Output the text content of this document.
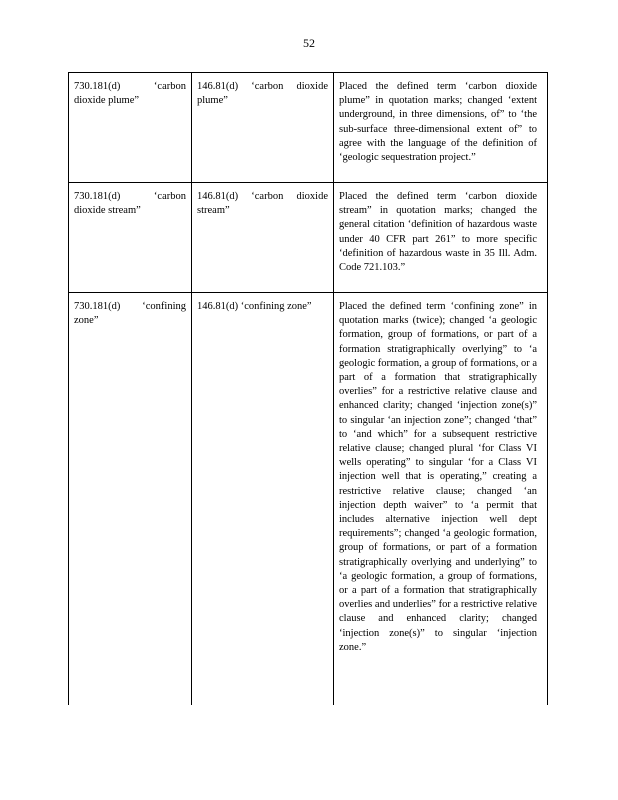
52
730.181(d) ‘carbon dioxide plume”	146.81(d) ‘carbon dioxide plume”	Placed the defined term ‘carbon dioxide plume” in quotation marks; changed ‘extent underground, in three dimensions, of” to ‘the sub-surface three-dimensional extent of” to agree with the language of the definition of ‘geologic sequestration project.”
730.181(d) ‘carbon dioxide stream”	146.81(d) ‘carbon dioxide stream”	Placed the defined term ‘carbon dioxide stream” in quotation marks; changed the general citation ‘definition of hazardous waste under 40 CFR part 261” to more specific ‘definition of hazardous waste in 35 Ill. Adm. Code 721.103.”
730.181(d) ‘confining zone”	146.81(d) ‘confining zone”	Placed the defined term ‘confining zone” in quotation marks (twice); changed ‘a geologic formation, group of formations, or part of a formation stratigraphically overlying” to ‘a geologic formation, a group of formations, or a part of a formation that stratigraphically overlies” for a restrictive relative clause and enhanced clarity; changed ‘injection zone(s)” to singular ‘an injection zone”; changed ‘that” to ‘and which” for a subsequent restrictive relative clause; changed plural ‘for Class VI wells operating” to singular ‘for a Class VI injection well that is operating,” creating a restrictive relative clause; changed ‘an injection depth waiver” to ‘a permit that includes alternative injection well dept requirements”; changed ‘a geologic formation, group of formations, or part of a formation stratigraphically overlying and underlying” to ‘a geologic formation, a group of formations, or a part of a formation that stratigraphically overlies and underlies” for a restrictive relative clause and enhanced clarity; changed ‘injection zone(s)” to singular ‘injection zone.”
